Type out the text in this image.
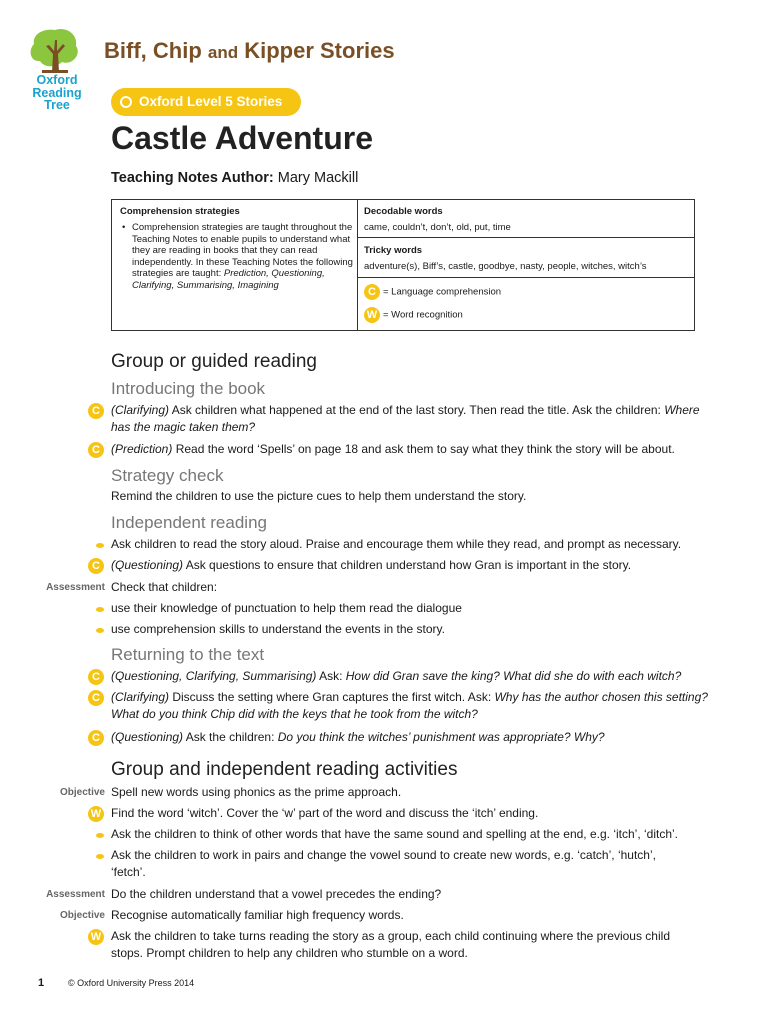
Oxford Reading Tree
Biff, Chip and Kipper Stories
Oxford Level 5 Stories
Castle Adventure
Teaching Notes Author: Mary Mackill
Comprehension strategies
• Comprehension strategies are taught throughout the Teaching Notes to enable pupils to understand what they are reading in books that they can read independently. In these Teaching Notes the following strategies are taught: Prediction, Questioning, Clarifying, Summarising, Imagining
Decodable words
came, couldn’t, don’t, old, put, time
Tricky words
adventure(s), Biff’s, castle, goodbye, nasty, people, witches, witch’s
C = Language comprehension
W = Word recognition
Group or guided reading
Introducing the book
C (Clarifying) Ask children what happened at the end of the last story. Then read the title. Ask the children: Where has the magic taken them?
C (Prediction) Read the word ‘Spells’ on page 18 and ask them to say what they think the story will be about.
Strategy check
Remind the children to use the picture cues to help them understand the story.
Independent reading
Ask children to read the story aloud. Praise and encourage them while they read, and prompt as necessary.
C (Questioning) Ask questions to ensure that children understand how Gran is important in the story.
Assessment Check that children:
use their knowledge of punctuation to help them read the dialogue
use comprehension skills to understand the events in the story.
Returning to the text
C (Questioning, Clarifying, Summarising) Ask: How did Gran save the king? What did she do with each witch?
C (Clarifying) Discuss the setting where Gran captures the first witch. Ask: Why has the author chosen this setting? What do you think Chip did with the keys that he took from the witch?
C (Questioning) Ask the children: Do you think the witches’ punishment was appropriate? Why?
Group and independent reading activities
Objective Spell new words using phonics as the prime approach.
W Find the word ‘witch’. Cover the ‘w’ part of the word and discuss the ‘itch’ ending.
Ask the children to think of other words that have the same sound and spelling at the end, e.g. ‘itch’, ‘ditch’.
Ask the children to work in pairs and change the vowel sound to create new words, e.g. ‘catch’, ‘hutch’, ‘fetch’.
Assessment Do the children understand that a vowel precedes the ending?
Objective Recognise automatically familiar high frequency words.
W Ask the children to take turns reading the story as a group, each child continuing where the previous child stops. Prompt children to help any children who stumble on a word.
1	© Oxford University Press 2014
